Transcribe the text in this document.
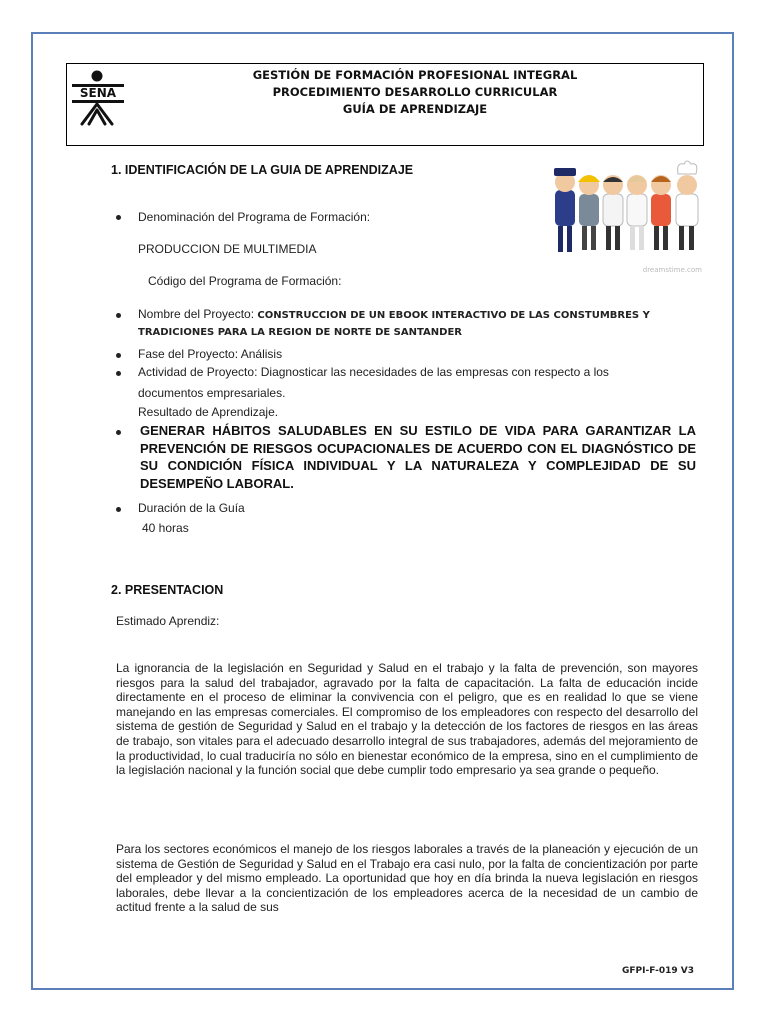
SENA
GESTIÓN DE FORMACIÓN PROFESIONAL INTEGRAL
PROCEDIMIENTO DESARROLLO CURRICULAR
GUÍA DE APRENDIZAJE
1. IDENTIFICACIÓN DE LA GUIA DE APRENDIZAJE
dreamstime.com
Denominación del Programa de Formación:
PRODUCCION DE MULTIMEDIA
Código del Programa de Formación:
Nombre del Proyecto: CONSTRUCCION DE UN EBOOK INTERACTIVO DE LAS CONSTUMBRES Y
TRADICIONES PARA LA REGION DE NORTE DE SANTANDER
Fase del Proyecto: Análisis
Actividad de Proyecto: Diagnosticar las necesidades de las empresas con respecto a los
documentos empresariales.
Resultado de Aprendizaje.
GENERAR HÁBITOS SALUDABLES EN SU ESTILO DE VIDA PARA GARANTIZAR LA PREVENCIÓN DE RIESGOS OCUPACIONALES DE ACUERDO CON EL DIAGNÓSTICO DE SU CONDICIÓN FÍSICA INDIVIDUAL Y LA NATURALEZA Y COMPLEJIDAD DE SU DESEMPEÑO LABORAL.
Duración de la Guía
40 horas
2. PRESENTACION
Estimado Aprendiz:
La ignorancia de la legislación en Seguridad y Salud en el trabajo y la falta de prevención, son mayores riesgos para la salud del trabajador, agravado por la falta de capacitación. La falta de educación incide directamente en el proceso de eliminar la convivencia con el peligro, que es en realidad lo que se viene manejando en las empresas comerciales. El compromiso de los empleadores con respecto del desarrollo del sistema de gestión de Seguridad y Salud en el trabajo y la detección de los factores de riesgos en las áreas de trabajo, son vitales para el adecuado desarrollo integral de sus trabajadores, además del mejoramiento de la productividad, lo cual traduciría no sólo en bienestar económico de la empresa, sino en el cumplimiento de la legislación nacional y la función social que debe cumplir todo empresario ya sea grande o pequeño.
Para los sectores económicos el manejo de los riesgos laborales a través de la planeación y ejecución de un sistema de Gestión de Seguridad y Salud en el Trabajo era casi nulo, por la falta de concientización por parte del empleador y del mismo empleado. La oportunidad que hoy en día brinda la nueva legislación en riesgos laborales, debe llevar a la concientización de los empleadores acerca de la necesidad de un cambio de actitud frente a la salud de sus
GFPI-F-019 V3
